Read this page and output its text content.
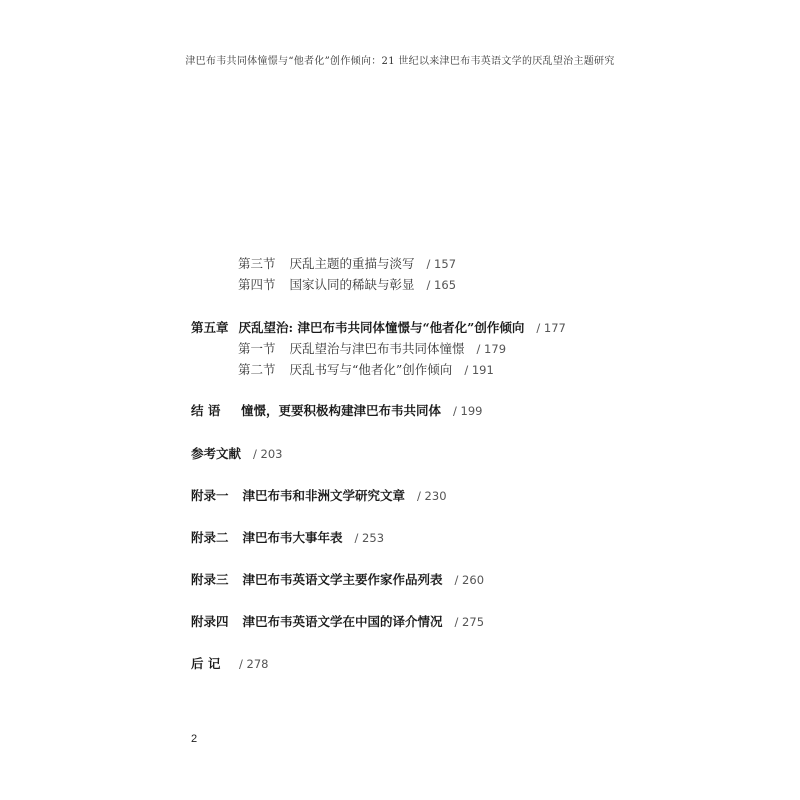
津巴布韦共同体憧憬与“他者化”创作倾向：21 世纪以来津巴布韦英语文学的厌乱望治主题研究
第三节 厌乱主题的重描与淡写 / 157
第四节 国家认同的稀缺与彰显 / 165
第五章 厌乱望治: 津巴布韦共同体憧憬与“他者化”创作倾向 / 177
第一节 厌乱望治与津巴布韦共同体憧憬 / 179
第二节 厌乱书写与“他者化”创作倾向 / 191
结 语 憧憬，更要积极构建津巴布韦共同体 / 199
参考文献 / 203
附录一 津巴布韦和非洲文学研究文章 / 230
附录二 津巴布韦大事年表 / 253
附录三 津巴布韦英语文学主要作家作品列表 / 260
附录四 津巴布韦英语文学在中国的译介情况 / 275
后 记 / 278
2
